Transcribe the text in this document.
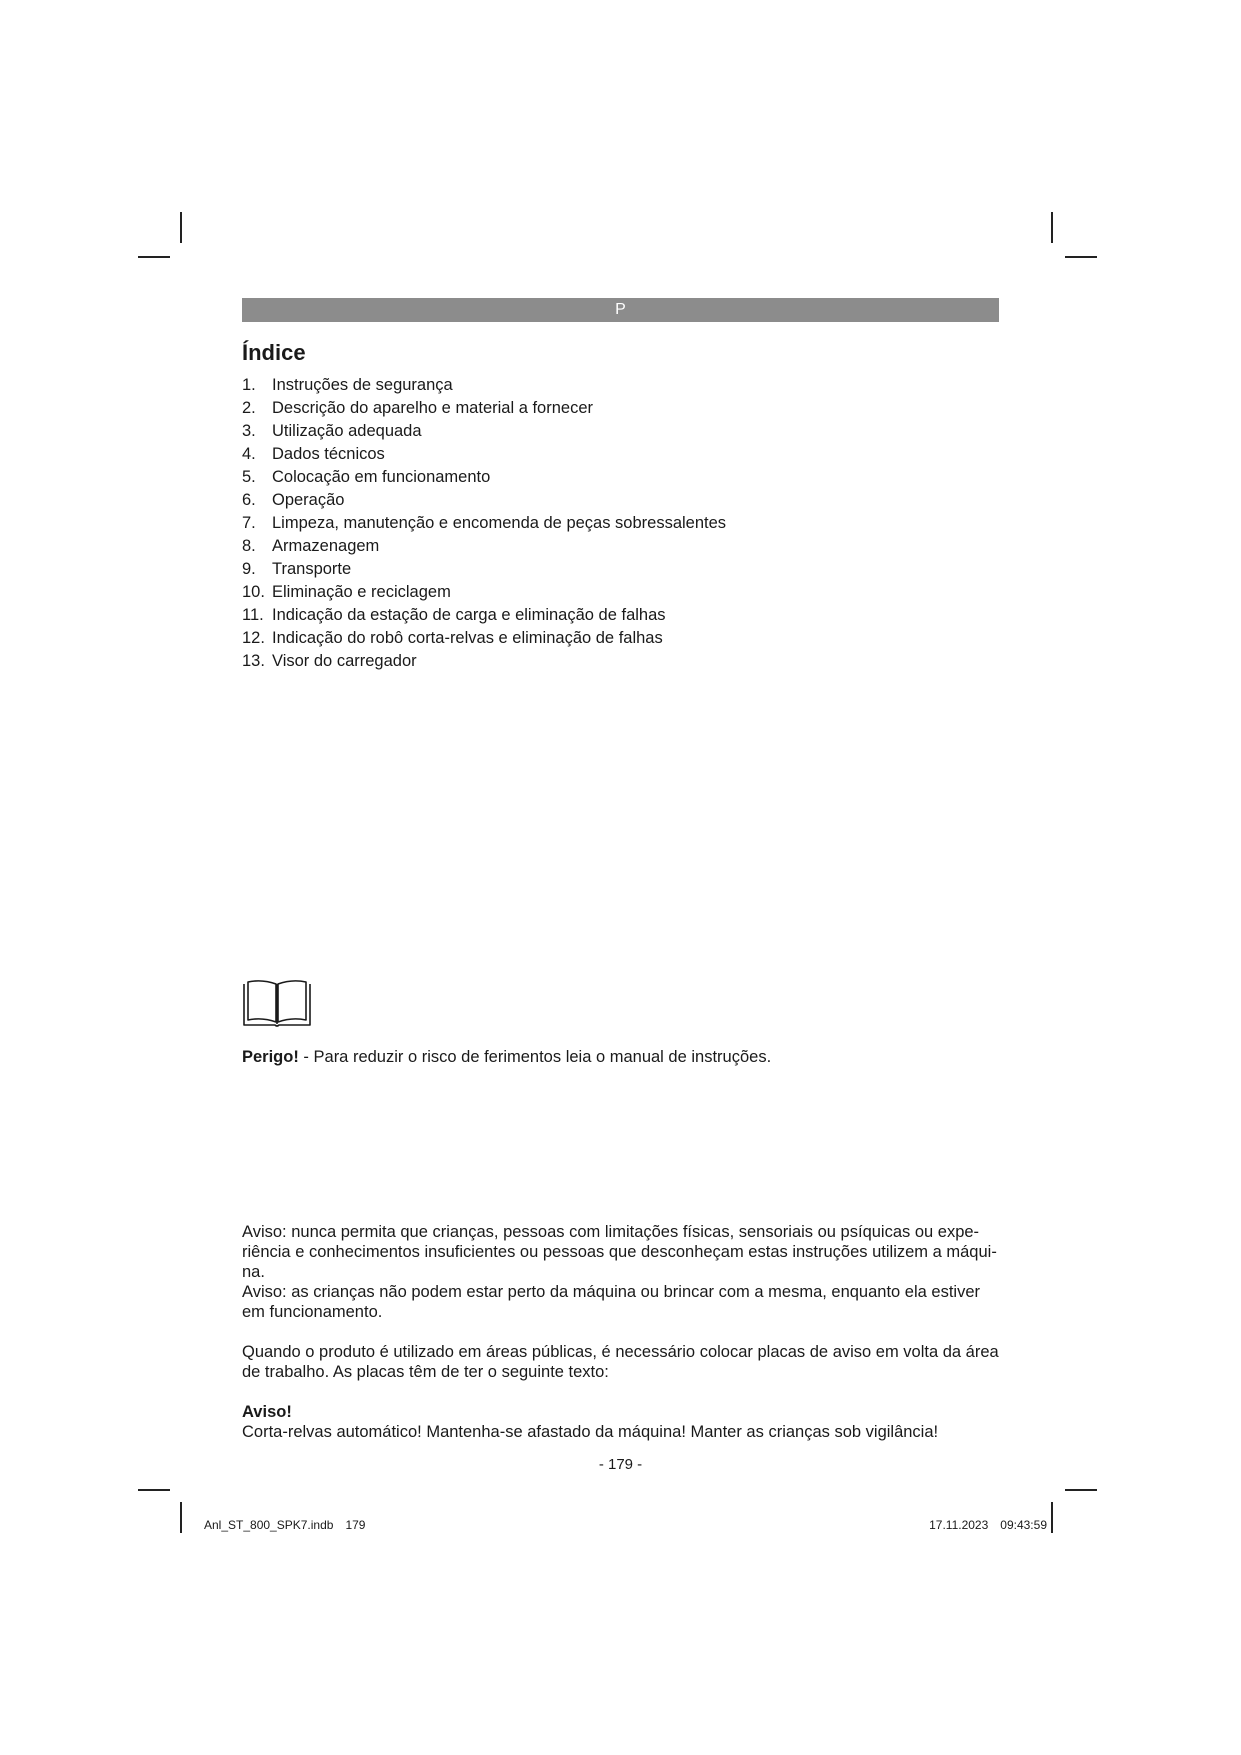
P
Índice
1. Instruções de segurança
2. Descrição do aparelho e material a fornecer
3. Utilização adequada
4. Dados técnicos
5. Colocação em funcionamento
6. Operação
7. Limpeza, manutenção e encomenda de peças sobressalentes
8. Armazenagem
9. Transporte
10. Eliminação e reciclagem
11. Indicação da estação de carga e eliminação de falhas
12. Indicação do robô corta-relvas e eliminação de falhas
13. Visor do carregador
Perigo! - Para reduzir o risco de ferimentos leia o manual de instruções.

Aviso: nunca permita que crianças, pessoas com limitações físicas, sensoriais ou psíquicas ou expe-

riência e conhecimentos insuficientes ou pessoas que desconheçam estas instruções utilizem a máqui-

na.

Aviso: as crianças não podem estar perto da máquina ou brincar com a mesma, enquanto ela estiver

em funcionamento.

Quando o produto é utilizado em áreas públicas, é necessário colocar placas de aviso em volta da área

de trabalho. As placas têm de ter o seguinte texto:

Aviso!

Corta-relvas automático! Mantenha-se afastado da máquina! Manter as crianças sob vigilância!

- 179 -
Anl_ST_800_SPK7.indb 179	17.11.2023 09:43:59
